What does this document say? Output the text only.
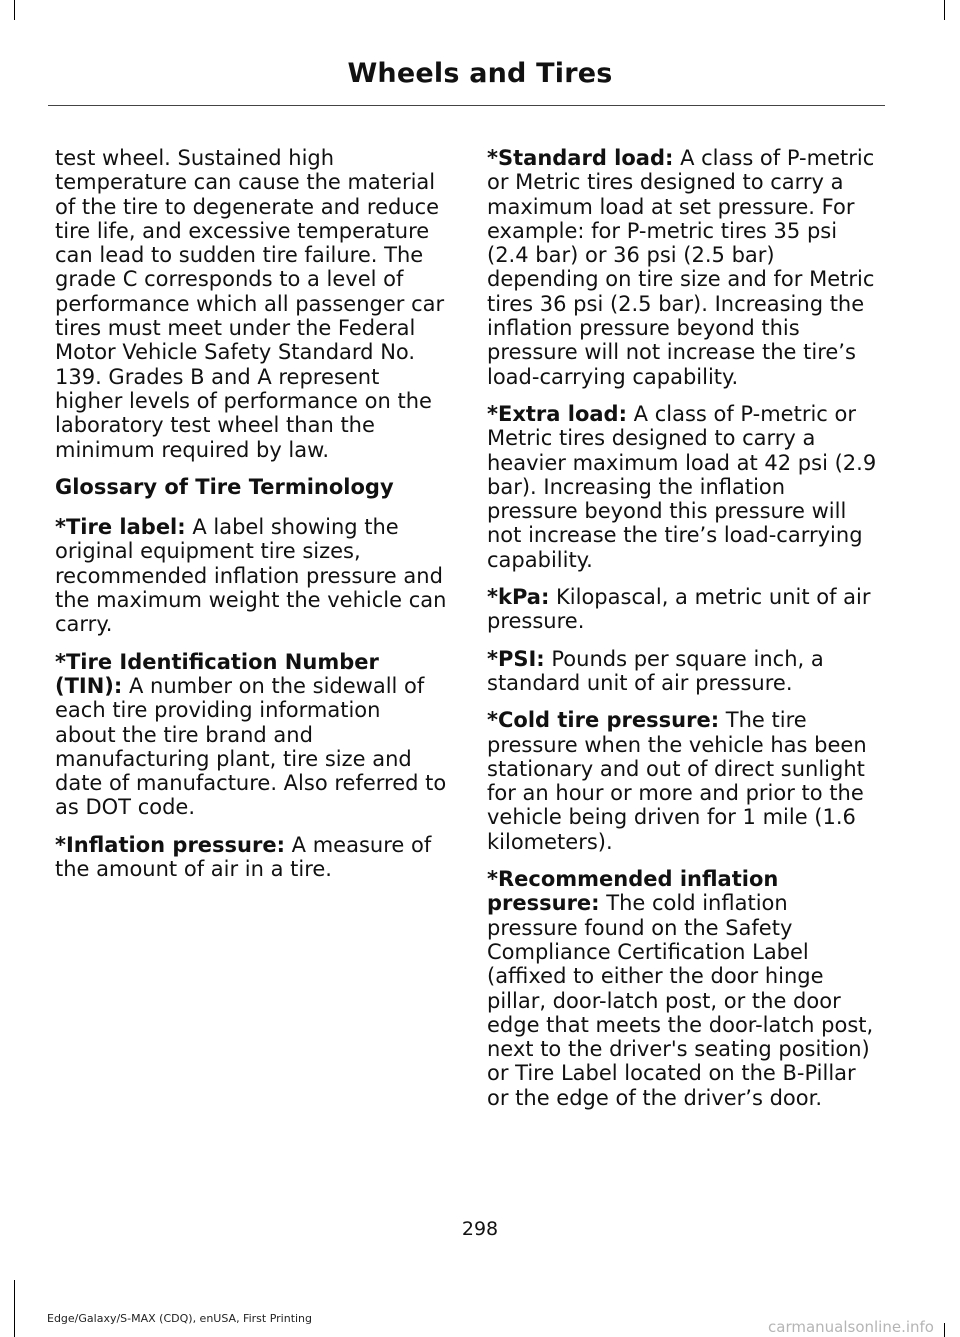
Wheels and Tires

test wheel. Sustained high temperature can cause the material of the tire to degenerate and reduce tire life, and excessive temperature can lead to sudden tire failure. The grade C corresponds to a level of performance which all passenger car tires must meet under the Federal Motor Vehicle Safety Standard No. 139. Grades B and A represent higher levels of performance on the laboratory test wheel than the minimum required by law.

Glossary of Tire Terminology

*Tire label: A label showing the original equipment tire sizes, recommended inflation pressure and the maximum weight the vehicle can carry.

*Tire Identification Number (TIN): A number on the sidewall of each tire providing information about the tire brand and manufacturing plant, tire size and date of manufacture. Also referred to as DOT code.

*Inflation pressure: A measure of the amount of air in a tire.

*Standard load: A class of P-metric or Metric tires designed to carry a maximum load at set pressure. For example: for P-metric tires 35 psi (2.4 bar) or 36 psi (2.5 bar) depending on tire size and for Metric tires 36 psi (2.5 bar). Increasing the inflation pressure beyond this pressure will not increase the tire’s load-carrying capability.

*Extra load: A class of P-metric or Metric tires designed to carry a heavier maximum load at 42 psi (2.9 bar). Increasing the inflation pressure beyond this pressure will not increase the tire’s load-carrying capability.

*kPa: Kilopascal, a metric unit of air pressure.

*PSI: Pounds per square inch, a standard unit of air pressure.

*Cold tire pressure: The tire pressure when the vehicle has been stationary and out of direct sunlight for an hour or more and prior to the vehicle being driven for 1 mile (1.6 kilometers).

*Recommended inflation pressure: The cold inflation pressure found on the Safety Compliance Certification Label (affixed to either the door hinge pillar, door-latch post, or the door edge that meets the door-latch post, next to the driver's seating position) or Tire Label located on the B-Pillar or the edge of the driver’s door.

298
Edge/Galaxy/S-MAX (CDQ), enUSA, First Printing	carmanualsonline.info
